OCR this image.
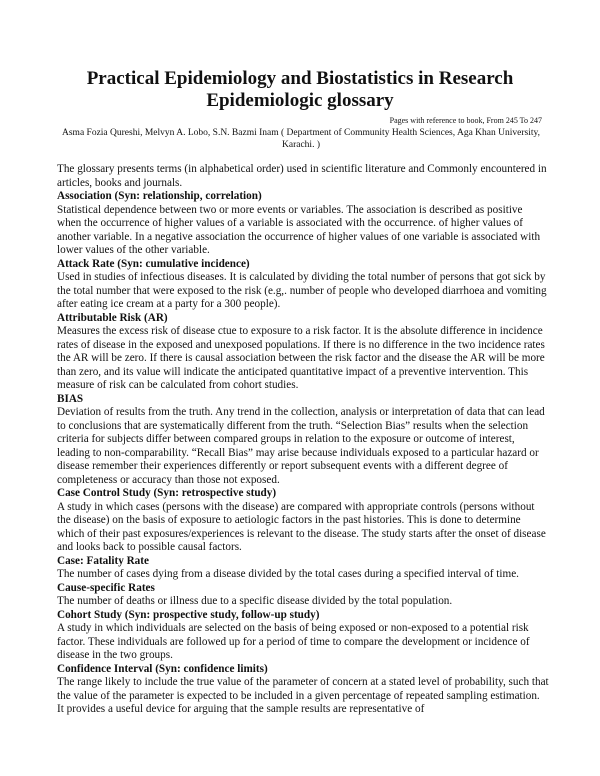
Practical Epidemiology and Biostatistics in Research
Epidemiologic glossary
Pages with reference to book, From 245 To 247
Asma Fozia Qureshi, Melvyn A. Lobo, S.N. Bazmi Inam ( Department of Community Health Sciences, Aga Khan University, Karachi. )

The glossary presents terms (in alphabetical order) used in scientific literature and Commonly encountered in articles, books and journals.

Association (Syn: relationship, correlation)

Statistical dependence between two or more events or variables. The association is described as positive when the occurrence of higher values of a variable is associated with the occurrence. of higher values of another variable. In a negative association the occurrence of higher values of one variable is associated with lower values of the other variable.

Attack Rate (Syn: cumulative incidence)

Used in studies of infectious diseases. It is calculated by dividing the total number of persons that got sick by the total number that were exposed to the risk (e.g,. number of people who developed diarrhoea and vomiting after eating ice cream at a party for a 300 people).

Attributable Risk (AR)

Measures the excess risk of disease ctue to exposure to a risk factor. It is the absolute difference in incidence rates of disease in the exposed and unexposed populations. If there is no difference in the two incidence rates the AR will be zero. If there is causal association between the risk factor and the disease the AR will be more than zero, and its value will indicate the anticipated quantitative impact of a preventive intervention. This measure of risk can be calculated from cohort studies.

BIAS

Deviation of results from the truth. Any trend in the collection, analysis or interpretation of data that can lead to conclusions that are systematically different from the truth. “Selection Bias” results when the selection criteria for subjects differ between compared groups in relation to the exposure or outcome of interest, leading to non-comparability. “Recall Bias” may arise because individuals exposed to a particular hazard or disease remember their experiences differently or report subsequent events with a different degree of completeness or accuracy than those not exposed.

Case Control Study (Syn: retrospective study)

A study in which cases (persons with the disease) are compared with appropriate controls (persons without the disease) on the basis of exposure to aetiologic factors in the past histories. This is done to determine which of their past exposures/experiences is relevant to the disease. The study starts after the onset of disease and looks back to possible causal factors.

Case: Fatality Rate

The number of cases dying from a disease divided by the total cases during a specified interval of time.

Cause-specific Rates

The number of deaths or illness due to a specific disease divided by the total population.

Cohort Study (Syn: prospective study, follow-up study)

A study in which individuals are selected on the basis of being exposed or non-exposed to a potential risk factor. These individuals are followed up for a period of time to compare the development or incidence of disease in the two groups.

Confidence Interval (Syn: confidence limits)

The range likely to include the true value of the parameter of concern at a stated level of probability, such that the value of the parameter is expected to be included in a given percentage of repeated sampling estimation. It provides a useful device for arguing that the sample results are representative of
